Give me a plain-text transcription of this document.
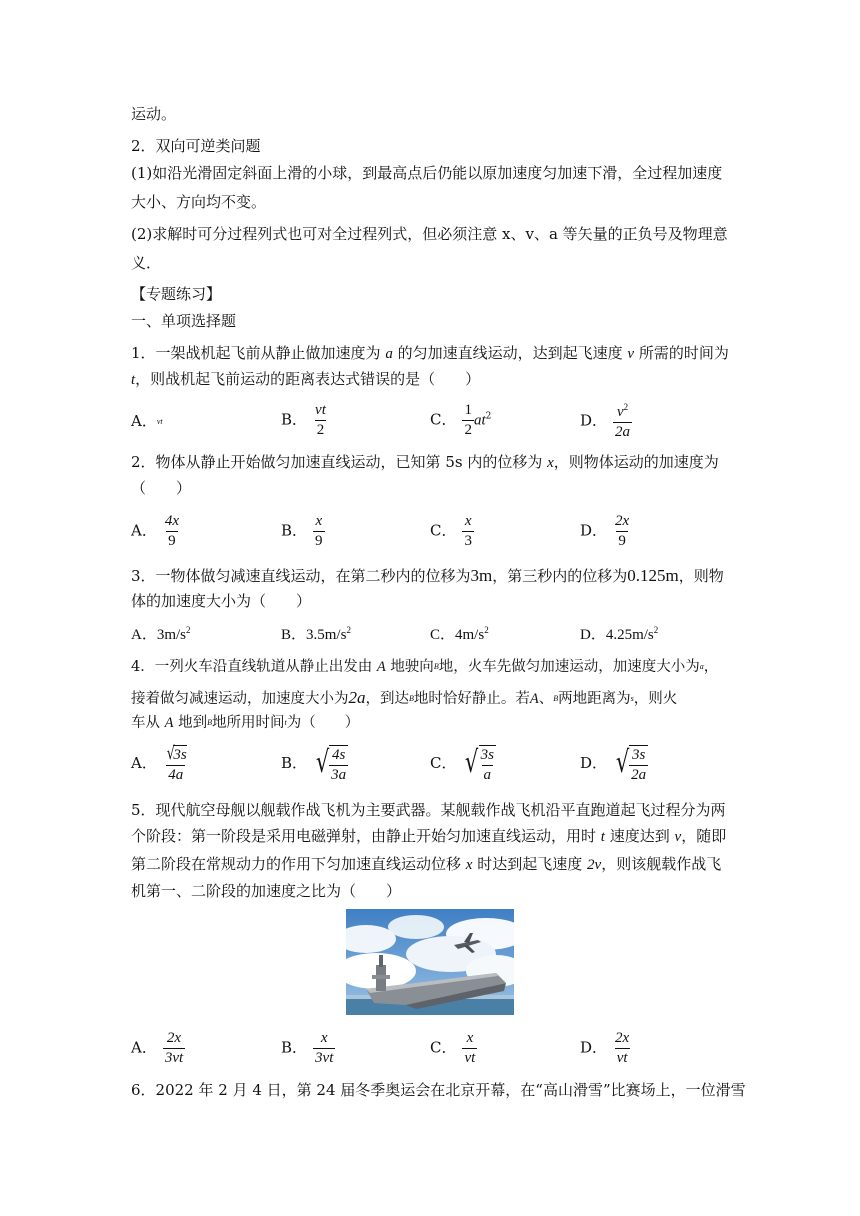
运动。
2．双向可逆类问题
(1)如沿光滑固定斜面上滑的小球，到最高点后仍能以原加速度匀加速下滑，全过程加速度
大小、方向均不变。
(2)求解时可分过程列式也可对全过程列式，但必须注意 x、v、a 等矢量的正负号及物理意
义．
【专题练习】
一、单项选择题
1．一架战机起飞前从静止做加速度为 a 的匀加速直线运动，达到起飞速度 v 所需的时间为
t，则战机起飞前运动的距离表达式错误的是（　　）
A．vt	B． $\frac{vt}{2}$	C． $\frac{1}{2} at^2$	D． $\frac{v^2}{2a}$
2．物体从静止开始做匀加速直线运动，已知第 5s 内的位移为 x，则物体运动的加速度为
（　　）
A． $\frac{4x}{9}$	B． $\frac{x}{9}$	C． $\frac{x}{3}$	D． $\frac{2x}{9}$
3．一物体做匀减速直线运动，在第二秒内的位移为3m，第三秒内的位移为0.125m，则物
体的加速度大小为（　　）
A．$3m/s^2$	B．$3.5m/s^2$	C．$4m/s^2$	D．$4.25m/s^2$
4．一列火车沿直线轨道从静止出发由 A 地驶向B地，火车先做匀加速运动，加速度大小为a，
接着做匀减速运动，加速度大小为2a，到达B地时恰好静止。若A、B两地距离为s，则火
车从 A 地到B地所用时间t为（　　）
A． √
3s
4a	B． √ $\frac{4s}{3a}$	C． √ $\frac{3s}{a}$	D． √ $\frac{3s}{2a}$
5．现代航空母舰以舰载作战飞机为主要武器。某舰载作战飞机沿平直跑道起飞过程分为两
个阶段：第一阶段是采用电磁弹射，由静止开始匀加速直线运动，用时 t 速度达到 v，随即
第二阶段在常规动力的作用下匀加速直线运动位移 x 时达到起飞速度 2v，则该舰载作战飞
机第一、二阶段的加速度之比为（　　）
A． $\frac{2x}{3vt}$	B． $\frac{x}{3vt}$	C． $\frac{x}{vt}$	D． $\frac{2x}{vt}$
6．2022 年 2 月 4 日，第 24 届冬季奥运会在北京开幕，在“高山滑雪”比赛场上，一位滑雪
